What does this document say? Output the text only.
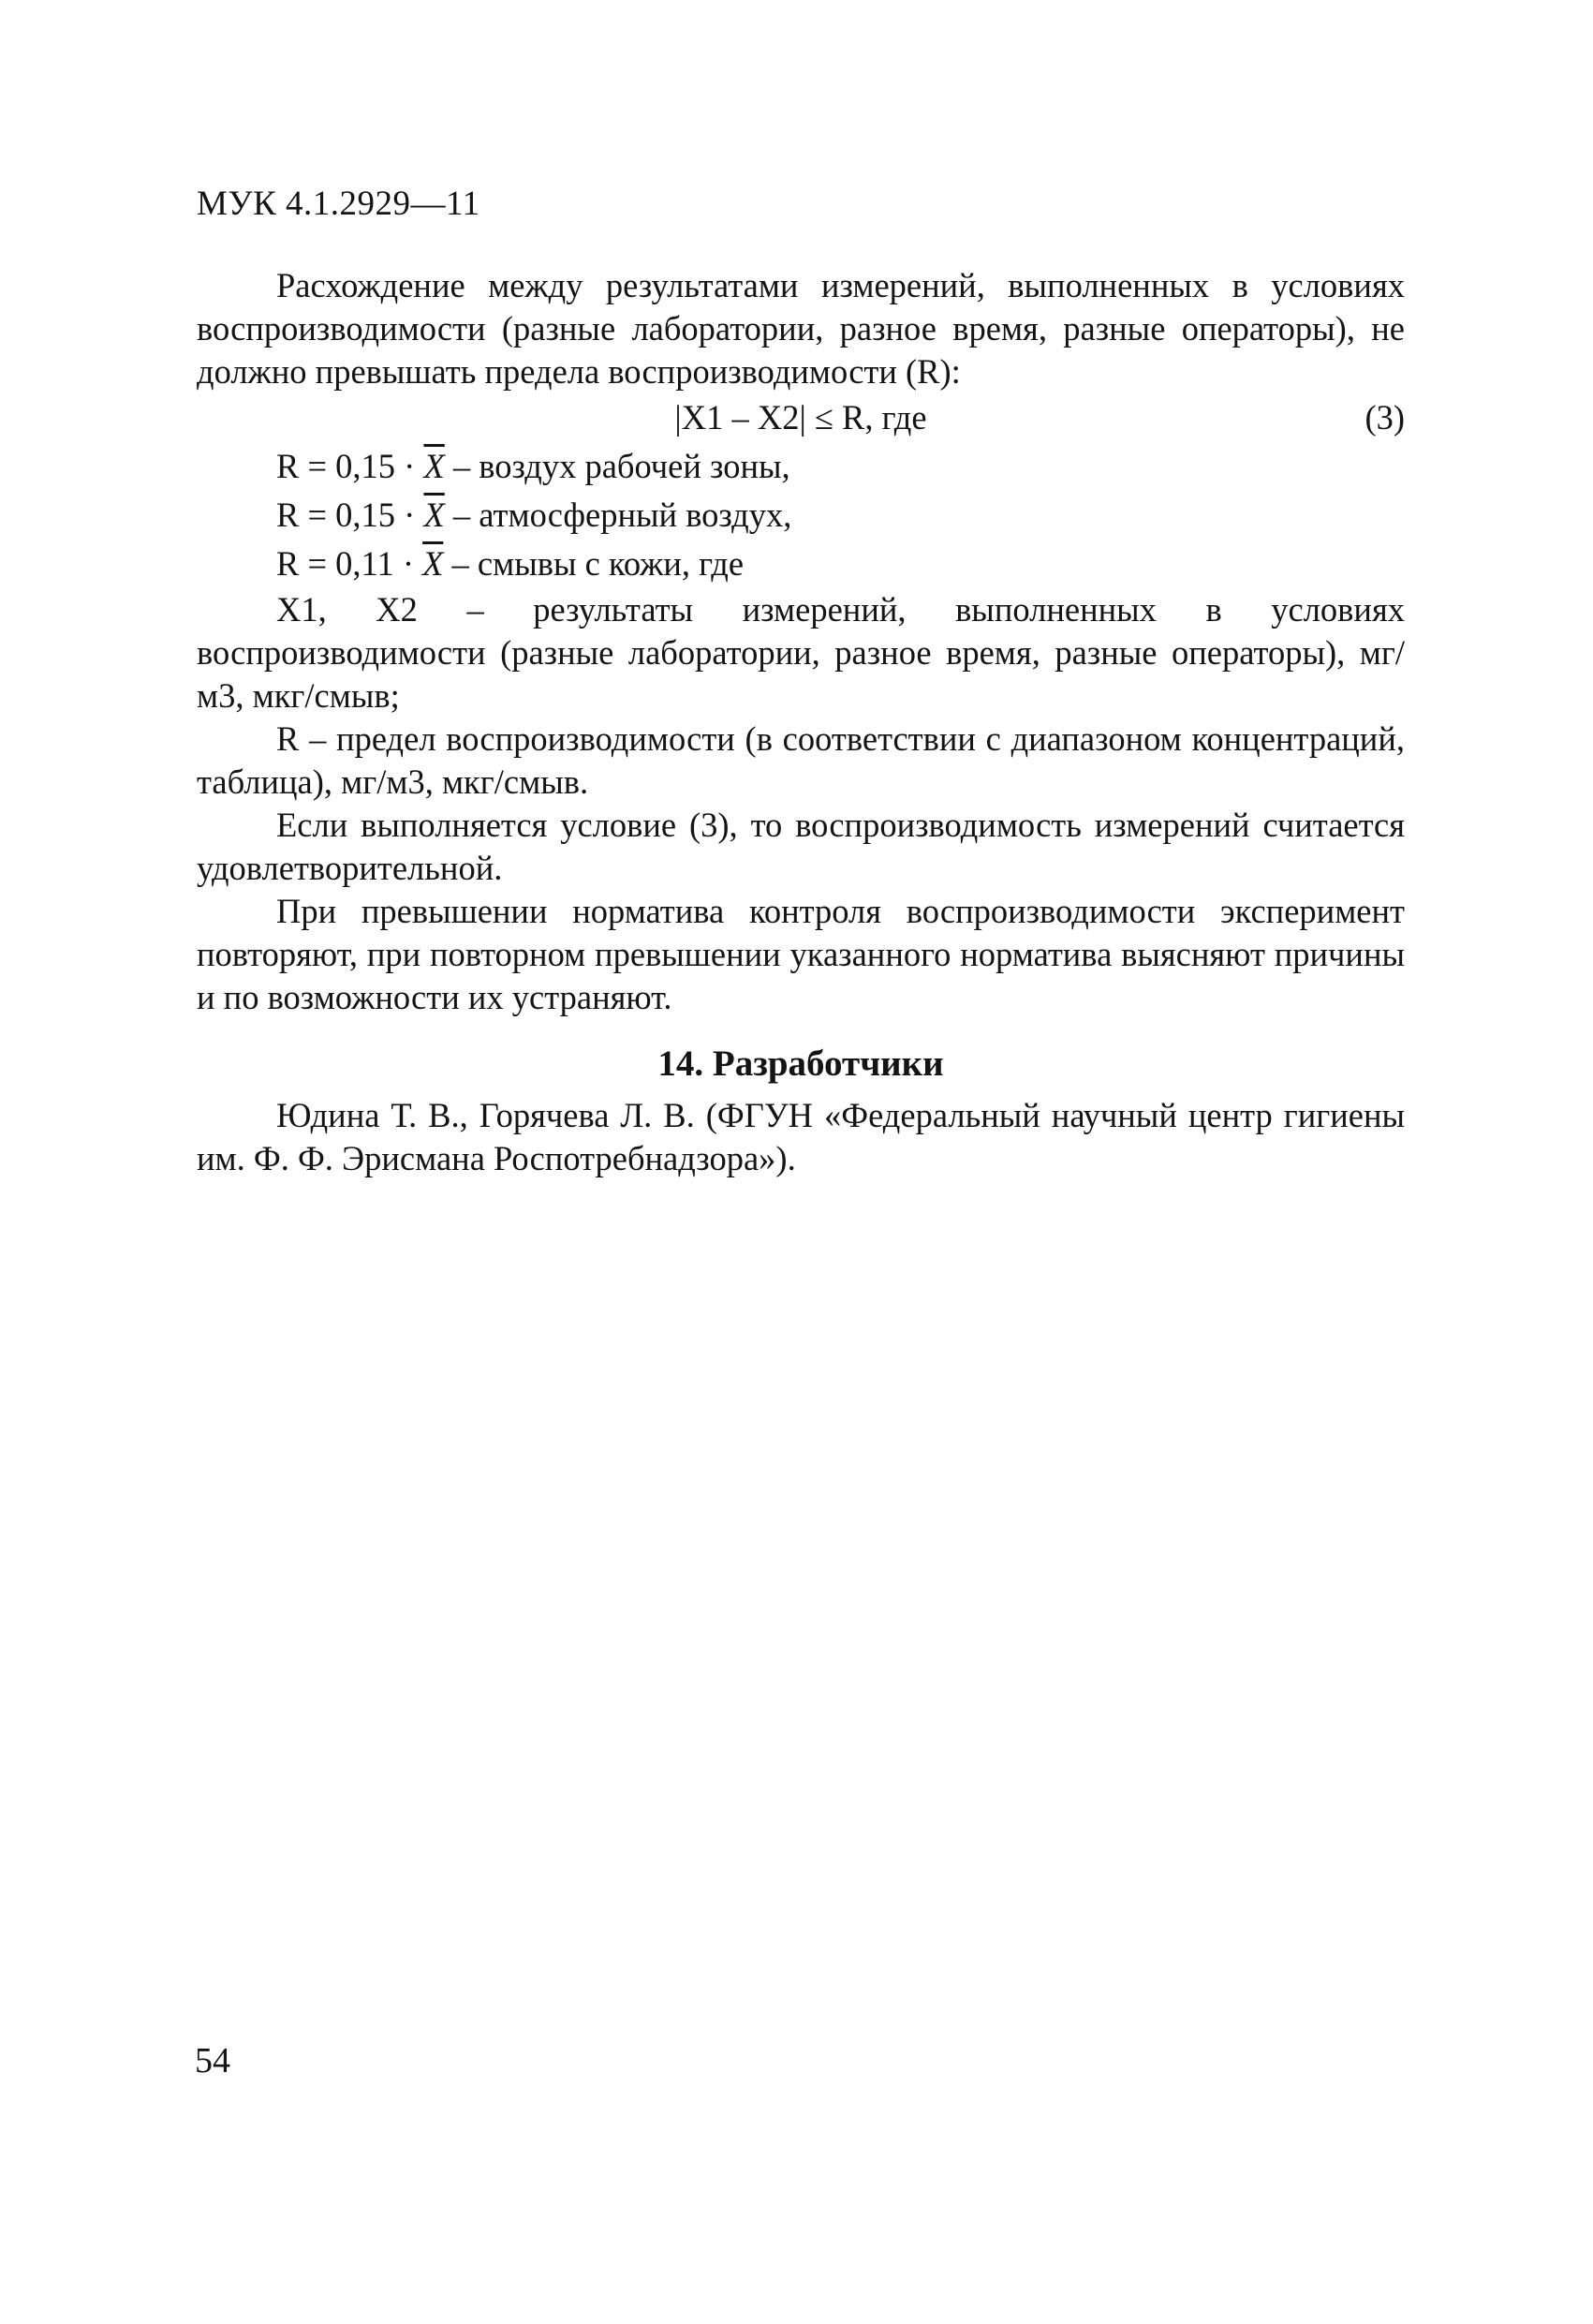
МУК 4.1.2929—11

Расхождение между результатами измерений, выполненных в условиях воспроизводимости (разные лаборатории, разное время, разные операторы), не должно превышать предела воспроизводимости (R):

|X1 – X2| ≤ R, где	(3)
$R = 0,15 \cdot \overline{X}$ – воздух рабочей зоны,
$R = 0,15 \cdot \overline{X}$ – атмосферный воздух,
$R = 0,11 \cdot \overline{X}$ – смывы с кожи, где

X1, X2 – результаты измерений, выполненных в условиях воспроизводимости (разные лаборатории, разное время, разные операторы), мг/м3, мкг/смыв;

R – предел воспроизводимости (в соответствии с диапазоном концентраций, таблица), мг/м3, мкг/смыв.

Если выполняется условие (3), то воспроизводимость измерений считается удовлетворительной.

При превышении норматива контроля воспроизводимости эксперимент повторяют, при повторном превышении указанного норматива выясняют причины и по возможности их устраняют.

14. Разработчики

Юдина Т. В., Горячева Л. В. (ФГУН «Федеральный научный центр гигиены им. Ф. Ф. Эрисмана Роспотребнадзора»).

54
